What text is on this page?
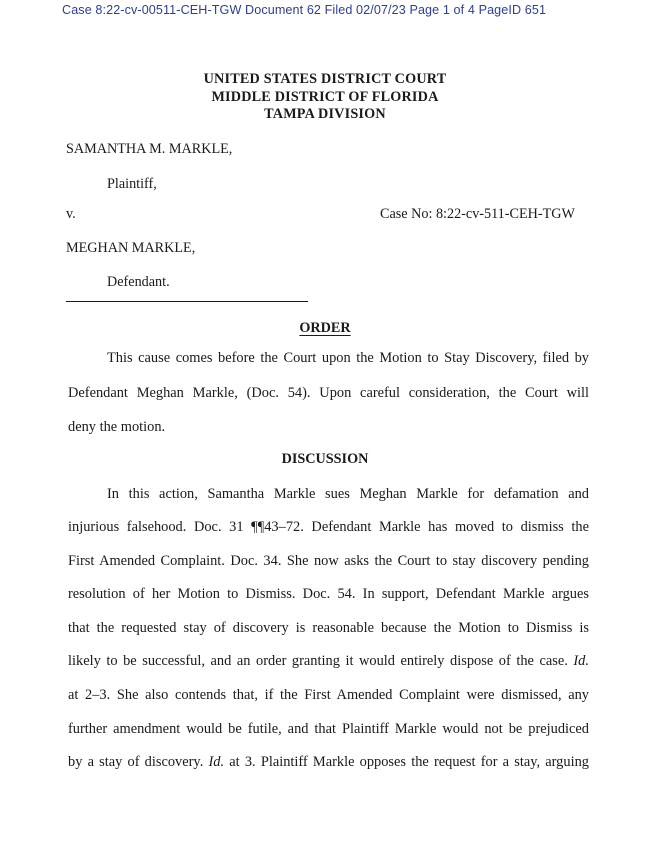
Case 8:22-cv-00511-CEH-TGW Document 62 Filed 02/07/23 Page 1 of 4 PageID 651
UNITED STATES DISTRICT COURT
MIDDLE DISTRICT OF FLORIDA
TAMPA DIVISION
SAMANTHA M. MARKLE,
Plaintiff,
v.	Case No: 8:22-cv-511-CEH-TGW
MEGHAN MARKLE,
Defendant.
ORDER
This cause comes before the Court upon the Motion to Stay Discovery, filed by
Defendant Meghan Markle, (Doc. 54). Upon careful consideration, the Court will
deny the motion.
DISCUSSION
In this action, Samantha Markle sues Meghan Markle for defamation and
injurious falsehood. Doc. 31 ¶¶43–72. Defendant Markle has moved to dismiss the
First Amended Complaint. Doc. 34. She now asks the Court to stay discovery pending
resolution of her Motion to Dismiss. Doc. 54. In support, Defendant Markle argues
that the requested stay of discovery is reasonable because the Motion to Dismiss is
likely to be successful, and an order granting it would entirely dispose of the case. Id.
at 2–3. She also contends that, if the First Amended Complaint were dismissed, any
further amendment would be futile, and that Plaintiff Markle would not be prejudiced
by a stay of discovery. Id. at 3. Plaintiff Markle opposes the request for a stay, arguing
